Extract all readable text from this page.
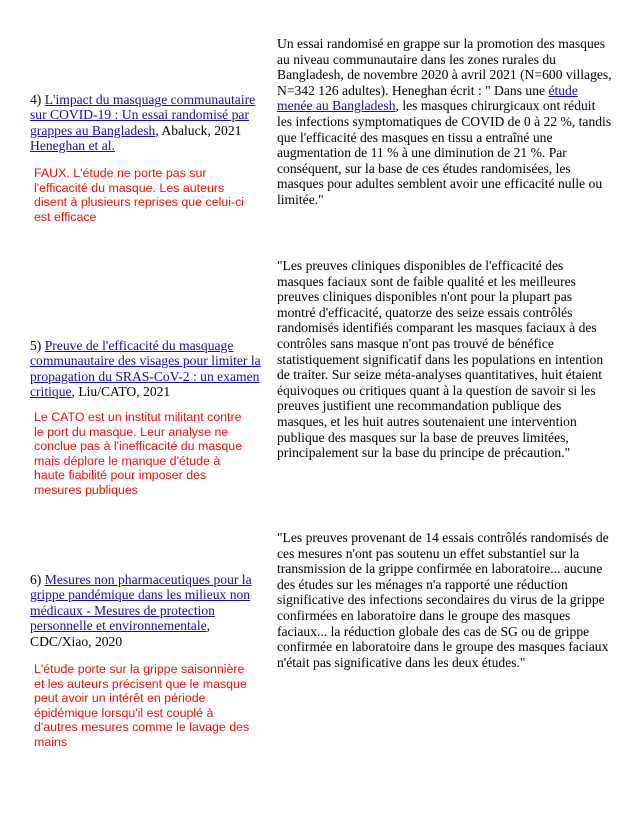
4) L'impact du masquage communautaire sur COVID-19 : Un essai randomisé par grappes au Bangladesh, Abaluck, 2021
Heneghan et al.
FAUX. L'étude ne porte pas sur l'efficacité du masque. Les auteurs disent à plusieurs reprises que celui-ci est efficace
Un essai randomisé en grappe sur la promotion des masques au niveau communautaire dans les zones rurales du Bangladesh, de novembre 2020 à avril 2021 (N=600 villages, N=342 126 adultes). Heneghan écrit : " Dans une étude menée au Bangladesh, les masques chirurgicaux ont réduit les infections symptomatiques de COVID de 0 à 22 %, tandis que l'efficacité des masques en tissu a entraîné une augmentation de 11 % à une diminution de 21 %. Par conséquent, sur la base de ces études randomisées, les masques pour adultes semblent avoir une efficacité nulle ou limitée."
5) Preuve de l'efficacité du masquage communautaire des visages pour limiter la propagation du SRAS-CoV-2 : un examen critique, Liu/CATO, 2021
Le CATO est un institut militant contre le port du masque. Leur analyse ne conclue pas à l'inefficacité du masque mais déplore le manque d'étude à haute fiabilité pour imposer des mesures publiques
"Les preuves cliniques disponibles de l'efficacité des masques faciaux sont de faible qualité et les meilleures preuves cliniques disponibles n'ont pour la plupart pas montré d'efficacité, quatorze des seize essais contrôlés randomisés identifiés comparant les masques faciaux à des contrôles sans masque n'ont pas trouvé de bénéfice statistiquement significatif dans les populations en intention de traiter. Sur seize méta-analyses quantitatives, huit étaient équivoques ou critiques quant à la question de savoir si les preuves justifient une recommandation publique des masques, et les huit autres soutenaient une intervention publique des masques sur la base de preuves limitées, principalement sur la base du principe de précaution."
6) Mesures non pharmaceutiques pour la grippe pandémique dans les milieux non médicaux - Mesures de protection personnelle et environnementale, CDC/Xiao, 2020
L'étude porte sur la grippe saisonnière et les auteurs précisent que le masque peut avoir un intérêt en période épidémique lorsqu'il est couplé à d'autres mesures comme le lavage des mains
"Les preuves provenant de 14 essais contrôlés randomisés de ces mesures n'ont pas soutenu un effet substantiel sur la transmission de la grippe confirmée en laboratoire... aucune des études sur les ménages n'a rapporté une réduction significative des infections secondaires du virus de la grippe confirmées en laboratoire dans le groupe des masques faciaux... la réduction globale des cas de SG ou de grippe confirmée en laboratoire dans le groupe des masques faciaux n'était pas significative dans les deux études."
